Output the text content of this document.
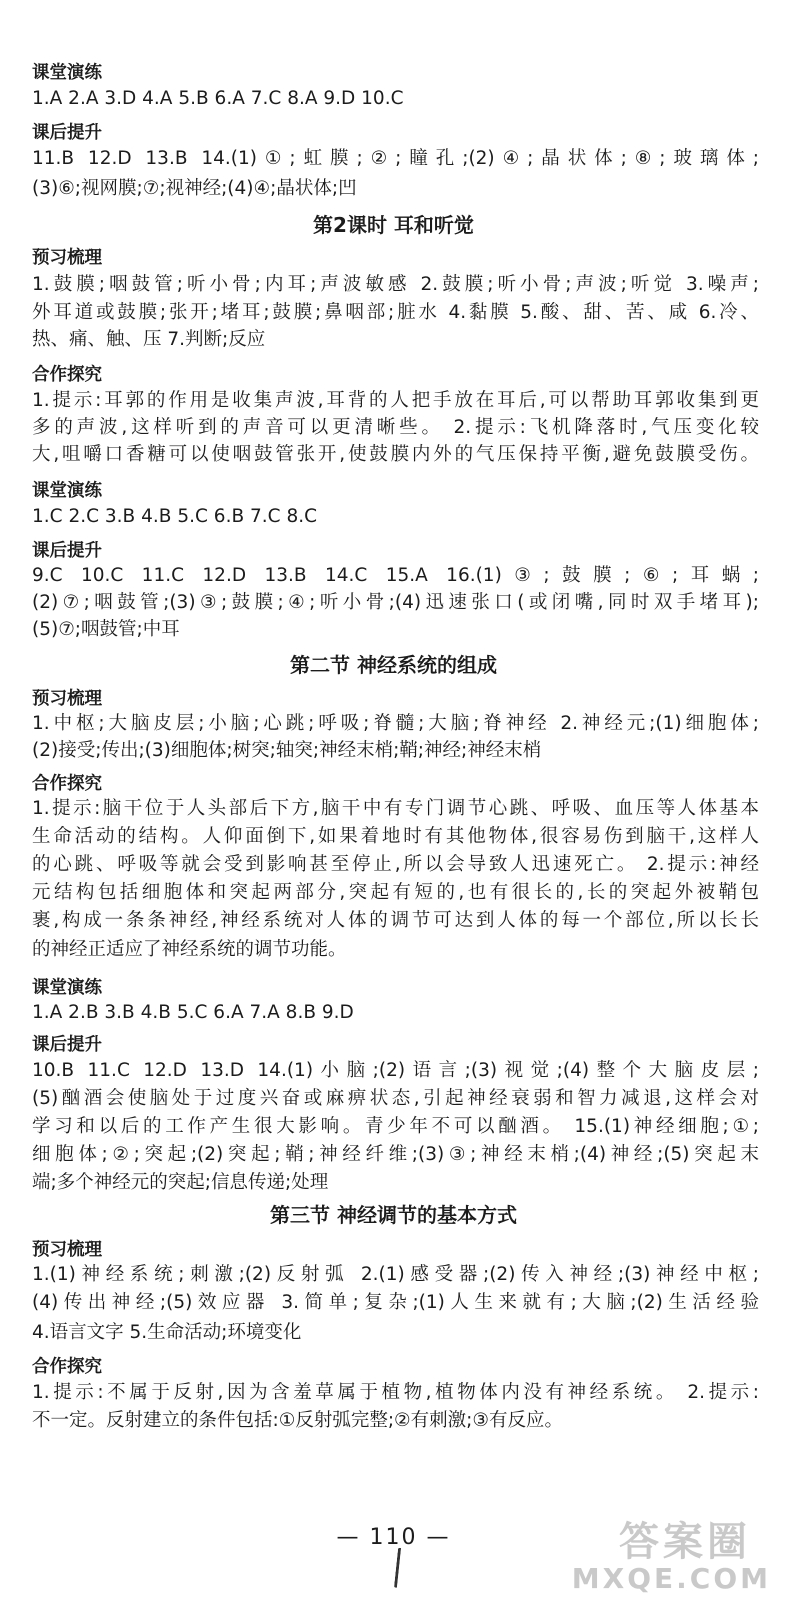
课堂演练
1.A 2.A 3.D 4.A 5.B 6.A 7.C 8.A 9.D 10.C
课后提升
11.B 12.D 13.B 14.(1)①;虹膜;②;瞳孔;(2)④;晶状体;⑧;玻璃体;
(3)⑥;视网膜;⑦;视神经;(4)④;晶状体;凹
第2课时 耳和听觉
预习梳理
1.鼓膜;咽鼓管;听小骨;内耳;声波敏感 2.鼓膜;听小骨;声波;听觉 3.噪声;
外耳道或鼓膜;张开;堵耳;鼓膜;鼻咽部;脏水 4.黏膜 5.酸、甜、苦、咸 6.冷、
热、痛、触、压 7.判断;反应
合作探究
1.提示:耳郭的作用是收集声波,耳背的人把手放在耳后,可以帮助耳郭收集到更
多的声波,这样听到的声音可以更清晰些。 2.提示:飞机降落时,气压变化较
大,咀嚼口香糖可以使咽鼓管张开,使鼓膜内外的气压保持平衡,避免鼓膜受伤。
课堂演练
1.C 2.C 3.B 4.B 5.C 6.B 7.C 8.C
课后提升
9.C 10.C 11.C 12.D 13.B 14.C 15.A 16.(1)③;鼓膜;⑥;耳蜗;
(2)⑦;咽鼓管;(3)③;鼓膜;④;听小骨;(4)迅速张口(或闭嘴,同时双手堵耳);
(5)⑦;咽鼓管;中耳
第二节 神经系统的组成
预习梳理
1.中枢;大脑皮层;小脑;心跳;呼吸;脊髓;大脑;脊神经 2.神经元;(1)细胞体;
(2)接受;传出;(3)细胞体;树突;轴突;神经末梢;鞘;神经;神经末梢
合作探究
1.提示:脑干位于人头部后下方,脑干中有专门调节心跳、呼吸、血压等人体基本
生命活动的结构。人仰面倒下,如果着地时有其他物体,很容易伤到脑干,这样人
的心跳、呼吸等就会受到影响甚至停止,所以会导致人迅速死亡。 2.提示:神经
元结构包括细胞体和突起两部分,突起有短的,也有很长的,长的突起外被鞘包
裹,构成一条条神经,神经系统对人体的调节可达到人体的每一个部位,所以长长
的神经正适应了神经系统的调节功能。
课堂演练
1.A 2.B 3.B 4.B 5.C 6.A 7.A 8.B 9.D
课后提升
10.B 11.C 12.D 13.D 14.(1)小脑;(2)语言;(3)视觉;(4)整个大脑皮层;
(5)酗酒会使脑处于过度兴奋或麻痹状态,引起神经衰弱和智力减退,这样会对
学习和以后的工作产生很大影响。青少年不可以酗酒。 15.(1)神经细胞;①;
细胞体;②;突起;(2)突起;鞘;神经纤维;(3)③;神经末梢;(4)神经;(5)突起末
端;多个神经元的突起;信息传递;处理
第三节 神经调节的基本方式
预习梳理
1.(1)神经系统;刺激;(2)反射弧 2.(1)感受器;(2)传入神经;(3)神经中枢;
(4)传出神经;(5)效应器 3.简单;复杂;(1)人生来就有;大脑;(2)生活经验
4.语言文字 5.生命活动;环境变化
合作探究
1.提示:不属于反射,因为含羞草属于植物,植物体内没有神经系统。 2.提示:
不一定。反射建立的条件包括:①反射弧完整;②有刺激;③有反应。
— 110 —	答案圈
MXQE.COM
